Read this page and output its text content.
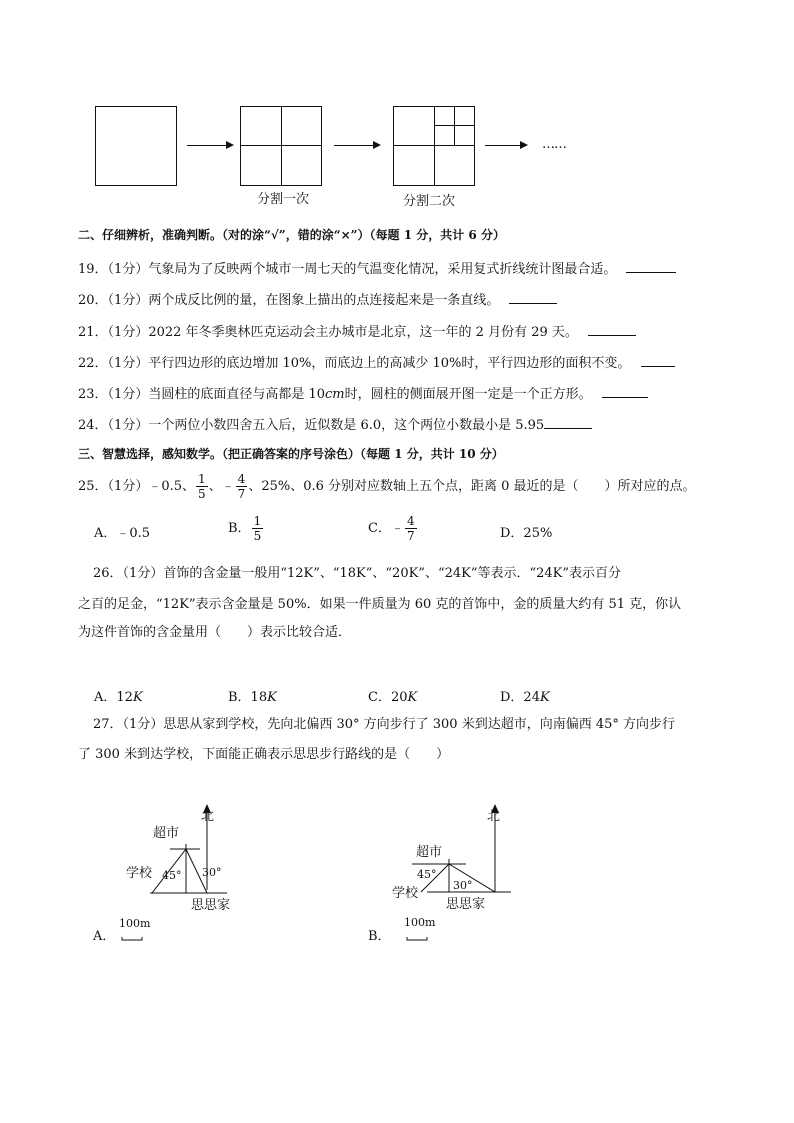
……
分割一次	分割二次
二、仔细辨析，准确判断。（对的涂“√”，错的涂“×”）（每题 1 分，共计 6 分）
19．（1分）气象局为了反映两个城市一周七天的气温变化情况，采用复式折线统计图最合适。
20．（1分）两个成反比例的量，在图象上描出的点连接起来是一条直线。
21．（1分）2022 年冬季奥林匹克运动会主办城市是北京，这一年的 2 月份有 29 天。
22．（1分）平行四边形的底边增加 10%，而底边上的高减少 10%时，平行四边形的面积不变。
23．（1分）当圆柱的底面直径与高都是 10cm时，圆柱的侧面展开图一定是一个正方形。
24．（1分）一个两位小数四舍五入后，近似数是 6.0，这个两位小数最小是 5.95
三、智慧选择，感知数学。（把正确答案的序号涂色）（每题 1 分，共计 10 分）
25．（1分）﹣0.5、 $\frac{1}{5}$ 、﹣ $\frac{4}{7}$ 、25%、0.6 分别对应数轴上五个点，距离 0 最近的是（　　）所对应的点。
A．﹣0.5	B． $\frac{1}{5}$	C．﹣ $\frac{4}{7}$	D．25%
26．（1分）首饰的含金量一般用“12K”、“18K”、“20K”、“24K”等表示．“24K”表示百分
之百的足金，“12K”表示含金量是 50%．如果一件质量为 60 克的首饰中，金的质量大约有 51 克，你认
为这件首饰的含金量用（　　）表示比较合适．
A．12K	B．18K	C．20K	D．24K
27．（1分）思思从家到学校，先向北偏西 30° 方向步行了 300 米到达超市，向南偏西 45° 方向步行
了 300 米到达学校，下面能正确表示思思步行路线的是（　　）
北
超市
学校 45° 30°
思思家
100m
A．
北
超市
学校
45°
30°
思思家
100m
B．
